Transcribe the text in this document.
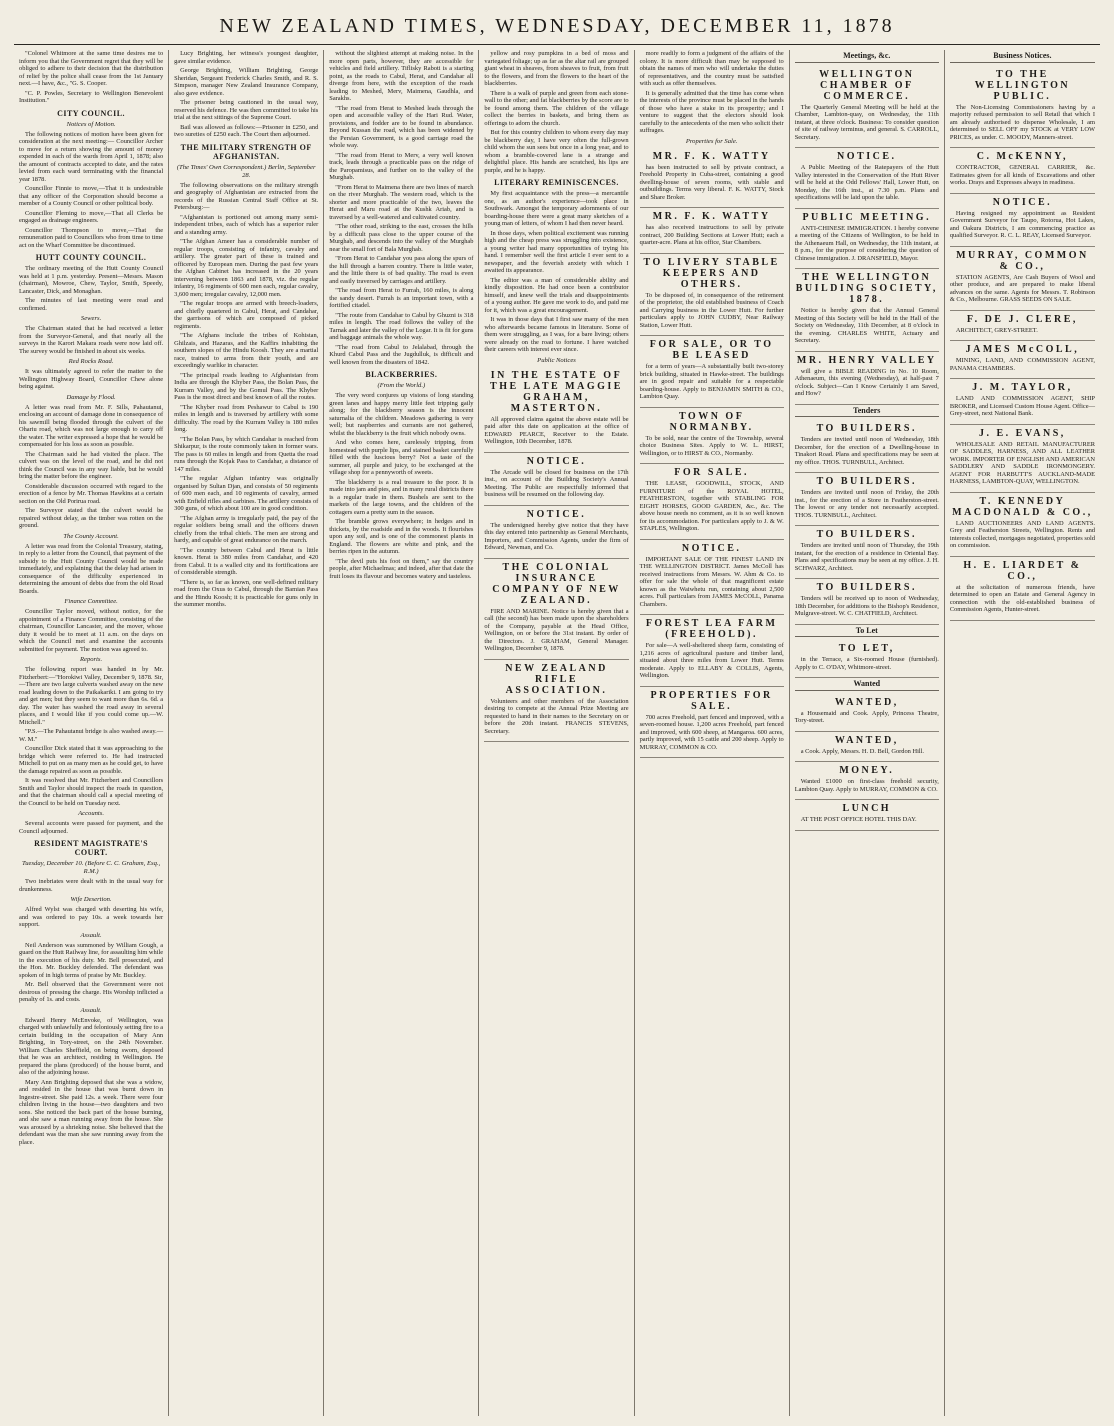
NEW ZEALAND TIMES, WEDNESDAY, DECEMBER 11, 1878

"Colonel Whitmore at the same time desires me to inform you that the Government regret that they will be obliged to adhere to their decision that the distribution of relief by the police shall cease from the 1st January next.—I have, &c., "G. S. Cooper.

"C. P. Powles, Secretary to Wellington Benevolent Institution."

CITY COUNCIL.
Notices of Motion.

The following notices of motion have been given for consideration at the next meeting:— Councillor Archer to move for a return showing the amount of money expended in each of the wards from April 1, 1878; also the amount of contracts accepted to date, and the rates levied from each ward terminating with the financial year 1878.

Councillor Finnie to move,—That it is undesirable that any officer of the Corporation should become a member of a County Council or other political body.

Councillor Fleming to move,—That all Clerks be engaged as drainage engineers.

Councillor Thompson to move,—That the remuneration paid to Councillors who from time to time act on the Wharf Committee be discontinued.

HUTT COUNTY COUNCIL.

The ordinary meeting of the Hutt County Council was held at 1 p.m. yesterday. Present—Messrs. Mason (chairman), Mowroe, Chew, Taylor, Smith, Speedy, Lancaster, Dick, and Monaghan.

The minutes of last meeting were read and confirmed.

Sewers.

The Chairman stated that he had received a letter from the Surveyor-General, and that nearly all the surveys in the Karori Makara roads were now laid off. The survey would be finished in about six weeks.

Red Rocks Road.

It was ultimately agreed to refer the matter to the Wellington Highway Board, Councillor Chew alone being against.

Damage by Flood.

A letter was read from Mr. F. Sills, Pahautanui, enclosing an account of damage done in consequence of his sawmill being flooded through the culvert of the Ohariu road, which was not large enough to carry off the water. The writer expressed a hope that he would be compensated for his loss as soon as possible.

The Chairman said he had visited the place. The culvert was on the level of the road, and he did not think the Council was in any way liable, but he would bring the matter before the engineer.

Considerable discussion occurred with regard to the erection of a fence by Mr. Thomas Hawkins at a certain section on the Old Porirua road.

The Surveyor stated that the culvert would be repaired without delay, as the timber was rotten on the ground.

The County Account.

A letter was read from the Colonial Treasury, stating, in reply to a letter from the Council, that payment of the subsidy to the Hutt County Council would be made immediately, and explaining that the delay had arisen in consequence of the difficulty experienced in determining the amount of debts due from the old Road Boards.

Finance Committee.

Councillor Taylor moved, without notice, for the appointment of a Finance Committee, consisting of the chairman, Councillor Lancaster, and the mover, whose duty it would be to meet at 11 a.m. on the days on which the Council met and examine the accounts submitted for payment. The motion was agreed to.

Reports.

The following report was handed in by Mr. Fitzherbert:—"Horokiwi Valley, December 9, 1878. Sir,—There are two large culverts washed away on the new road leading down to the Paikakariki. I am going to try and get men; but they seem to want more than 6s. 6d. a day. The water has washed the road away in several places, and I would like if you could come up.—W. Mitchell."

"P.S.—The Pahautanui bridge is also washed away.—W. M."

Councillor Dick stated that it was approaching to the bridge which were referred to. He had instructed Mitchell to put on as many men as he could get, to have the damage repaired as soon as possible.

It was resolved that Mr. Fitzherbert and Councillors Smith and Taylor should inspect the roads in question, and that the chairman should call a special meeting of the Council to be held on Tuesday next.

Accounts.

Several accounts were passed for payment, and the Council adjourned.

RESIDENT MAGISTRATE'S COURT.
Tuesday, December 10. (Before C. C. Graham, Esq., R.M.)

Two inebriates were dealt with in the usual way for drunkenness.

Wife Desertion.

Alfred Wylst was charged with deserting his wife, and was ordered to pay 10s. a week towards her support.

Assault.

Neil Anderson was summoned by William Gough, a guard on the Hutt Railway line, for assaulting him while in the execution of his duty. Mr. Bell prosecuted, and the Hon. Mr. Buckley defended. The defendant was spoken of in high terms of praise by Mr. Buckley.

Mr. Bell observed that the Government were not desirous of pressing the charge. His Worship inflicted a penalty of 1s. and costs.

Assault.

Edward Henry McEnvoke, of Wellington, was charged with unlawfully and feloniously setting fire to a certain building in the occupation of Mary Ann Brighting, in Tory-street, on the 24th November. William Charles Sheffield, on being sworn, deposed that he was an architect, residing in Wellington. He prepared the plans (produced) of the house burnt, and also of the adjoining house.

Mary Ann Brighting deposed that she was a widow, and resided in the house that was burnt down in Ingestre-street. She paid 12s. a week. There were four children living in the house—two daughters and two sons. She noticed the back part of the house burning, and she saw a man running away from the house. She was aroused by a shrieking noise. She believed that the defendant was the man she saw running away from the place.

Lucy Brighting, her witness's youngest daughter, gave similar evidence.

George Brighting, William Brighting, George Sheridan, Sergeant Frederick Charles Smith, and R. S. Simpson, manager New Zealand Insurance Company, also gave evidence.

The prisoner being cautioned in the usual way, reserved his defence. He was then committed to take his trial at the next sittings of the Supreme Court.

Bail was allowed as follows:—Prisoner in £250, and two sureties of £250 each. The Court then adjourned.

THE MILITARY STRENGTH OF AFGHANISTAN.
(The Times' Own Correspondent.) Berlin, September 28.

The following observations on the military strength and geography of Afghanistan are extracted from the records of the Russian Central Staff Office at St. Petersburg:—

"Afghanistan is portioned out among many semi-independent tribes, each of which has a superior ruler and a standing army.

"The Afghan Ameer has a considerable number of regular troops, consisting of infantry, cavalry and artillery. The greater part of these is trained and officered by European men. During the past few years the Afghan Cabinet has increased in the 20 years intervening between 1863 and 1878, viz. the regular infantry, 16 regiments of 600 men each, regular cavalry, 3,600 men; irregular cavalry, 12,000 men.

"The regular troops are armed with breech-loaders, and chiefly quartered in Cabul, Herat, and Candahar, the garrisons of which are composed of picked regiments.

"The Afghans include the tribes of Kohistan, Ghilzais, and Hazaras, and the Kaffirs inhabiting the southern slopes of the Hindu Koosh. They are a martial race, trained to arms from their youth, and are exceedingly warlike in character.

"The principal roads leading to Afghanistan from India are through the Khyber Pass, the Bolan Pass, the Kurram Valley, and by the Gomul Pass. The Khyber Pass is the most direct and best known of all the routes.

"The Khyber road from Peshawur to Cabul is 190 miles in length and is traversed by artillery with some difficulty. The road by the Kurram Valley is 180 miles long.

"The Bolan Pass, by which Candahar is reached from Shikarpur, is the route commonly taken in former wars. The pass is 60 miles in length and from Quetta the road runs through the Kojak Pass to Candahar, a distance of 147 miles.

"The regular Afghan infantry was originally organised by Sultan Djan, and consists of 50 regiments of 600 men each, and 10 regiments of cavalry, armed with Enfield rifles and carbines. The artillery consists of 300 guns, of which about 100 are in good condition.

"The Afghan army is irregularly paid, the pay of the regular soldiers being small and the officers drawn chiefly from the tribal chiefs. The men are strong and hardy, and capable of great endurance on the march.

"The country between Cabul and Herat is little known. Herat is 380 miles from Candahar, and 420 from Cabul. It is a walled city and its fortifications are of considerable strength.

"There is, so far as known, one well-defined military road from the Oxus to Cabul, through the Bamian Pass and the Hindu Koosh; it is practicable for guns only in the summer months.

without the slightest attempt at making noise. In the more open parts, however, they are accessible for vehicles and field artillery. Tiflisky Raboti is a starting point, as the roads to Cabul, Herat, and Candahar all diverge from here, with the exception of the roads leading to Meshed, Merv, Maimena, Gaudhla, and Sarakhs.

"The road from Herat to Meshed leads through the open and accessible valley of the Hari Rud. Water, provisions, and fodder are to be found in abundance. Beyond Kussan the road, which has been widened by the Persian Government, is a good carriage road the whole way.

"The road from Herat to Merv, a very well known track, leads through a practicable pass on the ridge of the Paropamisus, and further on to the valley of the Murghab.

"From Herat to Maimena there are two lines of march on the river Murghab. The western road, which is the shorter and more practicable of the two, leaves the Herat and Maru road at the Kushk Ariab, and is traversed by a well-watered and cultivated country.

"The other road, striking to the east, crosses the hills by a difficult pass close to the upper course of the Murghab, and descends into the valley of the Murghab near the small fort of Bala Murghab.

"From Herat to Candahar you pass along the spurs of the hill through a barren country. There is little water, and the little there is of bad quality. The road is even and easily traversed by carriages and artillery.

"The road from Herat to Furrah, 160 miles, is along the sandy desert. Furrah is an important town, with a fortified citadel.

"The route from Candahar to Cabul by Ghuzni is 318 miles in length. The road follows the valley of the Tarnak and later the valley of the Logar. It is fit for guns and baggage animals the whole way.

"The road from Cabul to Jelalabad, through the Khurd Cabul Pass and the Jugdulluk, is difficult and well known from the disasters of 1842.

BLACKBERRIES.
(From the World.)

The very word conjures up visions of long standing green lanes and happy merry little feet tripping gaily along; for the blackberry season is the innocent saturnalia of the children. Meadows gathering is very well; but raspberries and currants are not gathered, whilst the blackberry is the fruit which nobody owns.

And who comes here, carelessly tripping, from homestead with purple lips, and stained basket carefully filled with the luscious berry? Not a taste of the summer, all purple and juicy, to be exchanged at the village shop for a pennyworth of sweets.

The blackberry is a real treasure to the poor. It is made into jam and pies, and in many rural districts there is a regular trade in them. Bushels are sent to the markets of the large towns, and the children of the cottagers earn a pretty sum in the season.

The bramble grows everywhere; in hedges and in thickets, by the roadside and in the woods. It flourishes upon any soil, and is one of the commonest plants in England. The flowers are white and pink, and the berries ripen in the autumn.

"The devil puts his foot on them," say the country people, after Michaelmas; and indeed, after that date the fruit loses its flavour and becomes watery and tasteless.

yellow and rosy pumpkins in a bed of moss and variegated foliage; up as far as the altar rail are grouped giant wheat in sheaves, from sheaves to fruit, from fruit to the flowers, and from the flowers to the heart of the blackberries.

There is a walk of purple and green from each stone-wall to the other; and fat blackberries by the score are to be found among them. The children of the village collect the berries in baskets, and bring them as offerings to adorn the church.

But for this country children to whom every day may be blackberry day, I have very often the full-grown child whom the sun sees but once in a long year, and to whom a bramble-covered lane is a strange and delightful place. His hands are scratched, his lips are purple, and he is happy.

LITERARY REMINISCENCES.

My first acquaintance with the press—a mercantile one, as an author's experience—took place in Southwark. Amongst the temporary adornments of our boarding-house there were a great many sketches of a young man of letters, of whom I had then never heard.

In those days, when political excitement was running high and the cheap press was struggling into existence, a young writer had many opportunities of trying his hand. I remember well the first article I ever sent to a newspaper, and the feverish anxiety with which I awaited its appearance.

The editor was a man of considerable ability and kindly disposition. He had once been a contributor himself, and knew well the trials and disappointments of a young author. He gave me work to do, and paid me for it, which was a great encouragement.

It was in those days that I first saw many of the men who afterwards became famous in literature. Some of them were struggling, as I was, for a bare living; others were already on the road to fortune. I have watched their careers with interest ever since.

Public Notices
IN THE ESTATE OF THE LATE MAGGIE GRAHAM, MASTERTON.

All approved claims against the above estate will be paid after this date on application at the office of EDWARD PEARCE, Receiver to the Estate. Wellington, 10th December, 1878.

NOTICE.

The Arcade will be closed for business on the 17th inst., on account of the Building Society's Annual Meeting. The Public are respectfully informed that business will be resumed on the following day.

NOTICE.

The undersigned hereby give notice that they have this day entered into partnership as General Merchants, Importers, and Commission Agents, under the firm of Edward, Newman, and Co.

THE COLONIAL INSURANCE COMPANY OF NEW ZEALAND.

FIRE AND MARINE. Notice is hereby given that a call (the second) has been made upon the shareholders of the Company, payable at the Head Office, Wellington, on or before the 31st instant. By order of the Directors. J. GRAHAM, General Manager. Wellington, December 9, 1878.

NEW ZEALAND RIFLE ASSOCIATION.

Volunteers and other members of the Association desiring to compete at the Annual Prize Meeting are requested to hand in their names to the Secretary on or before the 20th instant. FRANCIS STEVENS, Secretary.

more readily to form a judgment of the affairs of the colony. It is more difficult than may be supposed to obtain the names of men who will undertake the duties of representatives, and the country must be satisfied with such as offer themselves.

It is generally admitted that the time has come when the interests of the province must be placed in the hands of those who have a stake in its prosperity; and I venture to suggest that the electors should look carefully to the antecedents of the men who solicit their suffrages.

Properties for Sale.
MR. F. K. WATTY

has been instructed to sell by private contract, a Freehold Property in Cuba-street, containing a good dwelling-house of seven rooms, with stable and outbuildings. Terms very liberal. F. K. WATTY, Stock and Share Broker.

MR. F. K. WATTY

has also received instructions to sell by private contract, 200 Building Sections at Lower Hutt; each a quarter-acre. Plans at his office, Star Chambers.

TO LIVERY STABLE KEEPERS AND OTHERS.

To be disposed of, in consequence of the retirement of the proprietor, the old established business of Coach and Carrying business in the Lower Hutt. For further particulars apply to JOHN CUDBY, Near Railway Station, Lower Hutt.

FOR SALE, OR TO BE LEASED

for a term of years—A substantially built two-storey brick building, situated in Hawke-street. The buildings are in good repair and suitable for a respectable boarding-house. Apply to BENJAMIN SMITH & CO., Lambton Quay.

TOWN OF NORMANBY.

To be sold, near the centre of the Township, several choice Business Sites. Apply to W. L. HIRST, Wellington, or to HIRST & CO., Normanby.

FOR SALE.

THE LEASE, GOODWILL, STOCK, AND FURNITURE of the ROYAL HOTEL, FEATHERSTON, together with STABLING FOR EIGHT HORSES, GOOD GARDEN, &c., &c. The above house needs no comment, as it is so well known for its accommodation. For particulars apply to J. & W. STAPLES, Wellington.

NOTICE.

IMPORTANT SALE OF THE FINEST LAND IN THE WELLINGTON DISTRICT. James McColl has received instructions from Messrs. W. Ahm & Co. to offer for sale the whole of that magnificent estate known as the Waiwhetu run, containing about 2,500 acres. Full particulars from JAMES McCOLL, Panama Chambers.

FOREST LEA FARM (FREEHOLD).

For sale—A well-sheltered sheep farm, consisting of 1,216 acres of agricultural pasture and timber land, situated about three miles from Lower Hutt. Terms moderate. Apply to ELLABY & COLLIS, Agents, Wellington.

PROPERTIES FOR SALE.

700 acres Freehold, part fenced and improved, with a seven-roomed house. 1,200 acres Freehold, part fenced and improved, with 600 sheep, at Mangaroa. 600 acres, partly improved, with 15 cattle and 200 sheep. Apply to MURRAY, COMMON & CO.

Meetings, &c.
WELLINGTON CHAMBER OF COMMERCE.

The Quarterly General Meeting will be held at the Chamber, Lambton-quay, on Wednesday, the 11th instant, at three o'clock. Business: To consider question of site of railway terminus, and general. S. CARROLL, Secretary.

NOTICE.

A Public Meeting of the Ratepayers of the Hutt Valley interested in the Conservation of the Hutt River will be held at the Odd Fellows' Hall, Lower Hutt, on Monday, the 16th inst., at 7.30 p.m. Plans and specifications will be laid upon the table.

PUBLIC MEETING.

ANTI-CHINESE IMMIGRATION. I hereby convene a meeting of the Citizens of Wellington, to be held in the Athenaeum Hall, on Wednesday, the 11th instant, at 8 p.m., for the purpose of considering the question of Chinese immigration. J. DRANSFIELD, Mayor.

THE WELLINGTON BUILDING SOCIETY, 1878.

Notice is hereby given that the Annual General Meeting of this Society will be held in the Hall of the Society on Wednesday, 11th December, at 8 o'clock in the evening. CHARLES WHITE, Actuary and Secretary.

MR. HENRY VALLEY

will give a BIBLE READING in No. 10 Room, Athenaeum, this evening (Wednesday), at half-past 7 o'clock. Subject—Can I Know Certainly I am Saved, and How?

Tenders
TO BUILDERS.

Tenders are invited until noon of Wednesday, 18th December, for the erection of a Dwelling-house in Tinakori Road. Plans and specifications may be seen at my office. THOS. TURNBULL, Architect.

TO BUILDERS.

Tenders are invited until noon of Friday, the 20th inst., for the erection of a Store in Featherston-street. The lowest or any tender not necessarily accepted. THOS. TURNBULL, Architect.

TO BUILDERS.

Tenders are invited until noon of Thursday, the 19th instant, for the erection of a residence in Oriental Bay. Plans and specifications may be seen at my office. J. H. SCHWARZ, Architect.

TO BUILDERS.

Tenders will be received up to noon of Wednesday, 18th December, for additions to the Bishop's Residence, Mulgrave-street. W. C. CHATFIELD, Architect.

To Let
TO LET,

in the Terrace, a Six-roomed House (furnished). Apply to C. O'DAY, Whitmore-street.

Wanted
WANTED,

a Housemaid and Cook. Apply, Princess Theatre, Tory-street.

WANTED,

a Cook. Apply, Messrs. H. D. Bell, Gordon Hill.

MONEY.

Wanted £1000 on first-class freehold security, Lambton Quay. Apply to MURRAY, COMMON & CO.

LUNCH

AT THE POST OFFICE HOTEL THIS DAY.

Business Notices.
TO THE WELLINGTON PUBLIC.

The Non-Licensing Commissioners having by a majority refused permission to sell Retail that which I am already authorised to dispense Wholesale, I am determined to SELL OFF my STOCK at VERY LOW PRICES, as under. C. MOODY, Manners-street.

C. McKENNY,

CONTRACTOR, GENERAL CARRIER, &c. Estimates given for all kinds of Excavations and other works. Drays and Expresses always in readiness.

NOTICE.

Having resigned my appointment as Resident Government Surveyor for Taupo, Rotorua, Hot Lakes, and Oakura Districts, I am commencing practice as qualified Surveyor. R. C. L. REAY, Licensed Surveyor.

MURRAY, COMMON & CO.,

STATION AGENTS, Are Cash Buyers of Wool and other produce, and are prepared to make liberal advances on the same. Agents for Messrs. T. Robinson & Co., Melbourne. GRASS SEEDS ON SALE.

F. DE J. CLERE,

ARCHITECT, GREY-STREET.

JAMES McCOLL,

MINING, LAND, AND COMMISSION AGENT, PANAMA CHAMBERS.

J. M. TAYLOR,

LAND AND COMMISSION AGENT, SHIP BROKER, and Licensed Custom House Agent. Office—Grey-street, next National Bank.

J. E. EVANS,

WHOLESALE AND RETAIL MANUFACTURER OF SADDLES, HARNESS, AND ALL LEATHER WORK. IMPORTER OF ENGLISH AND AMERICAN SADDLERY AND SADDLE IRONMONGERY. AGENT FOR HARBUTT'S AUCKLAND-MADE HARNESS, LAMBTON-QUAY, WELLINGTON.

T. KENNEDY MACDONALD & CO.,

LAND AUCTIONEERS AND LAND AGENTS. Grey and Featherston Streets, Wellington. Rents and interests collected, mortgages negotiated, properties sold on commission.

H. E. LIARDET & CO.,

at the solicitation of numerous friends, have determined to open an Estate and General Agency in connection with the old-established business of Commission Agents, Hunter-street.
